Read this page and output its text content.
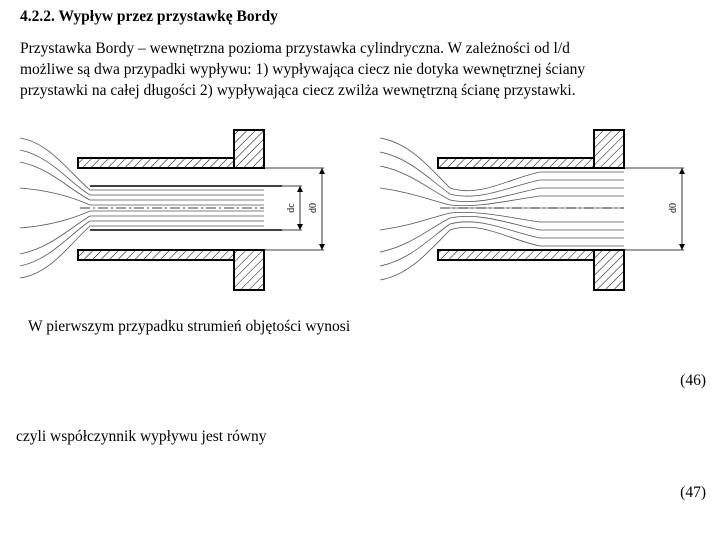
4.2.2. Wypływ przez przystawkę Bordy
Przystawka Bordy – wewnętrzna pozioma przystawka cylindryczna. W zależności od l/d
możliwe są dwa przypadki wypływu: 1) wypływająca ciecz nie dotyka wewnętrznej ściany
przystawki na całej długości 2) wypływająca ciecz zwilża wewnętrzną ścianę przystawki.
dc d0	d0
W pierwszym przypadku strumień objętości wynosi
(46)
czyli współczynnik wypływu jest równy
(47)
